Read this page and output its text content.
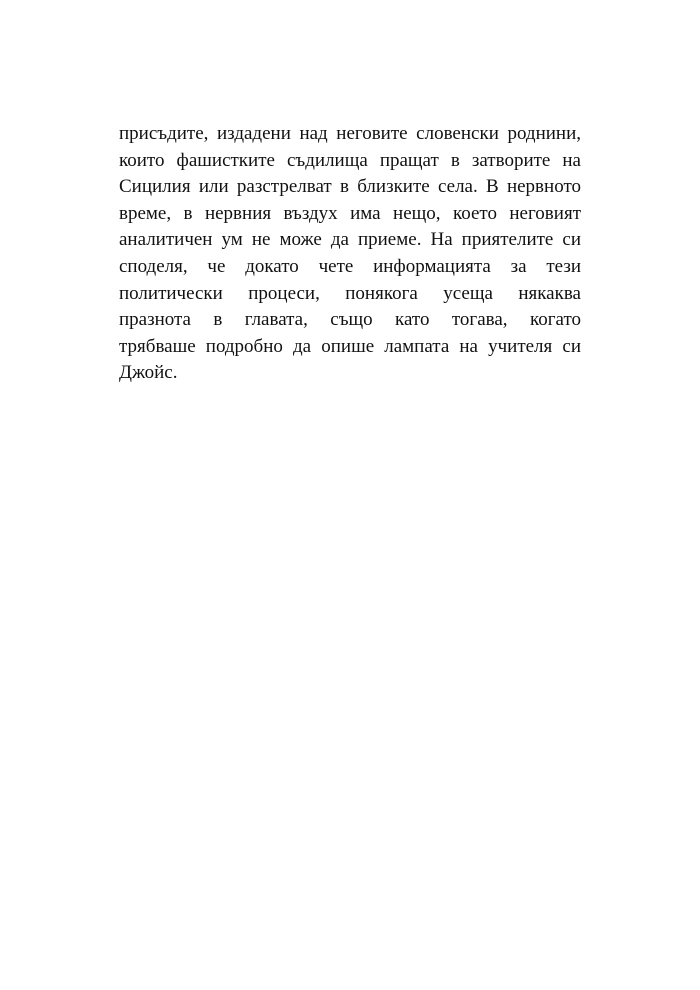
присъдите, издадени над неговите словенски роднини,
които фашистките съдилища пращат в затворите на
Сицилия или разстрелват в близките села. В нервното
време, в нервния въздух има нещо, което неговият
аналитичен ум не може да приеме. На приятелите си
споделя, че докато чете информацията за тези
политически процеси, понякога усеща някаква
празнота в главата, също като тогава, когато
трябваше подробно да опише лампата на учителя си
Джойс.
